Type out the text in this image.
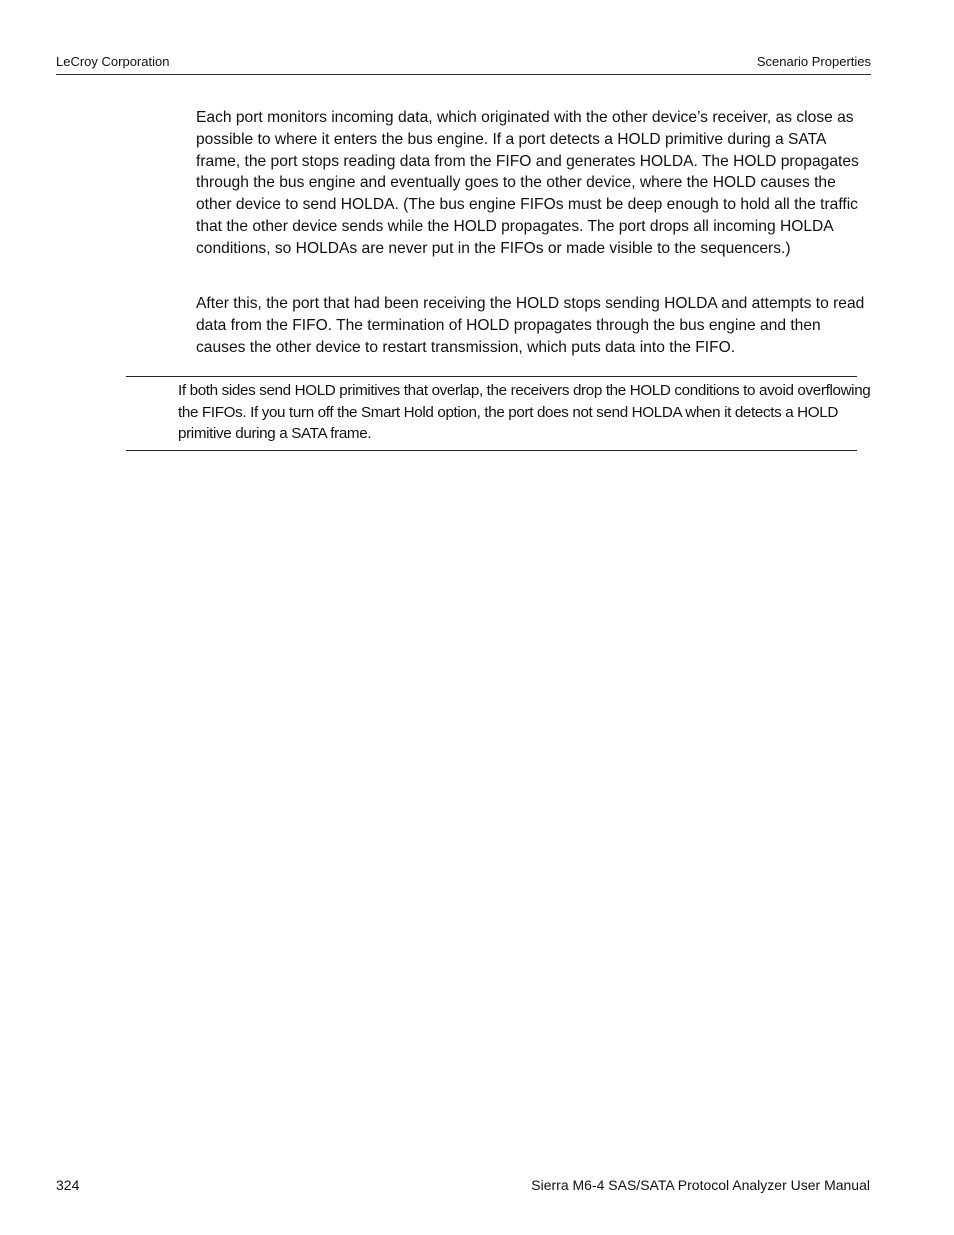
LeCroy Corporation	Scenario Properties

Each port monitors incoming data, which originated with the other device’s receiver, as close as possible to where it enters the bus engine. If a port detects a HOLD primitive during a SATA frame, the port stops reading data from the FIFO and generates HOLDA. The HOLD propagates through the bus engine and eventually goes to the other device, where the HOLD causes the other device to send HOLDA. (The bus engine FIFOs must be deep enough to hold all the traffic that the other device sends while the HOLD propagates. The port drops all incoming HOLDA conditions, so HOLDAs are never put in the FIFOs or made visible to the sequencers.)

After this, the port that had been receiving the HOLD stops sending HOLDA and attempts to read data from the FIFO. The termination of HOLD propagates through the bus engine and then causes the other device to restart transmission, which puts data into the FIFO.

If both sides send HOLD primitives that overlap, the receivers drop the HOLD conditions to avoid overflowing the FIFOs. If you turn off the Smart Hold option, the port does not send HOLDA when it detects a HOLD primitive during a SATA frame.

324	Sierra M6-4 SAS/SATA Protocol Analyzer User Manual
